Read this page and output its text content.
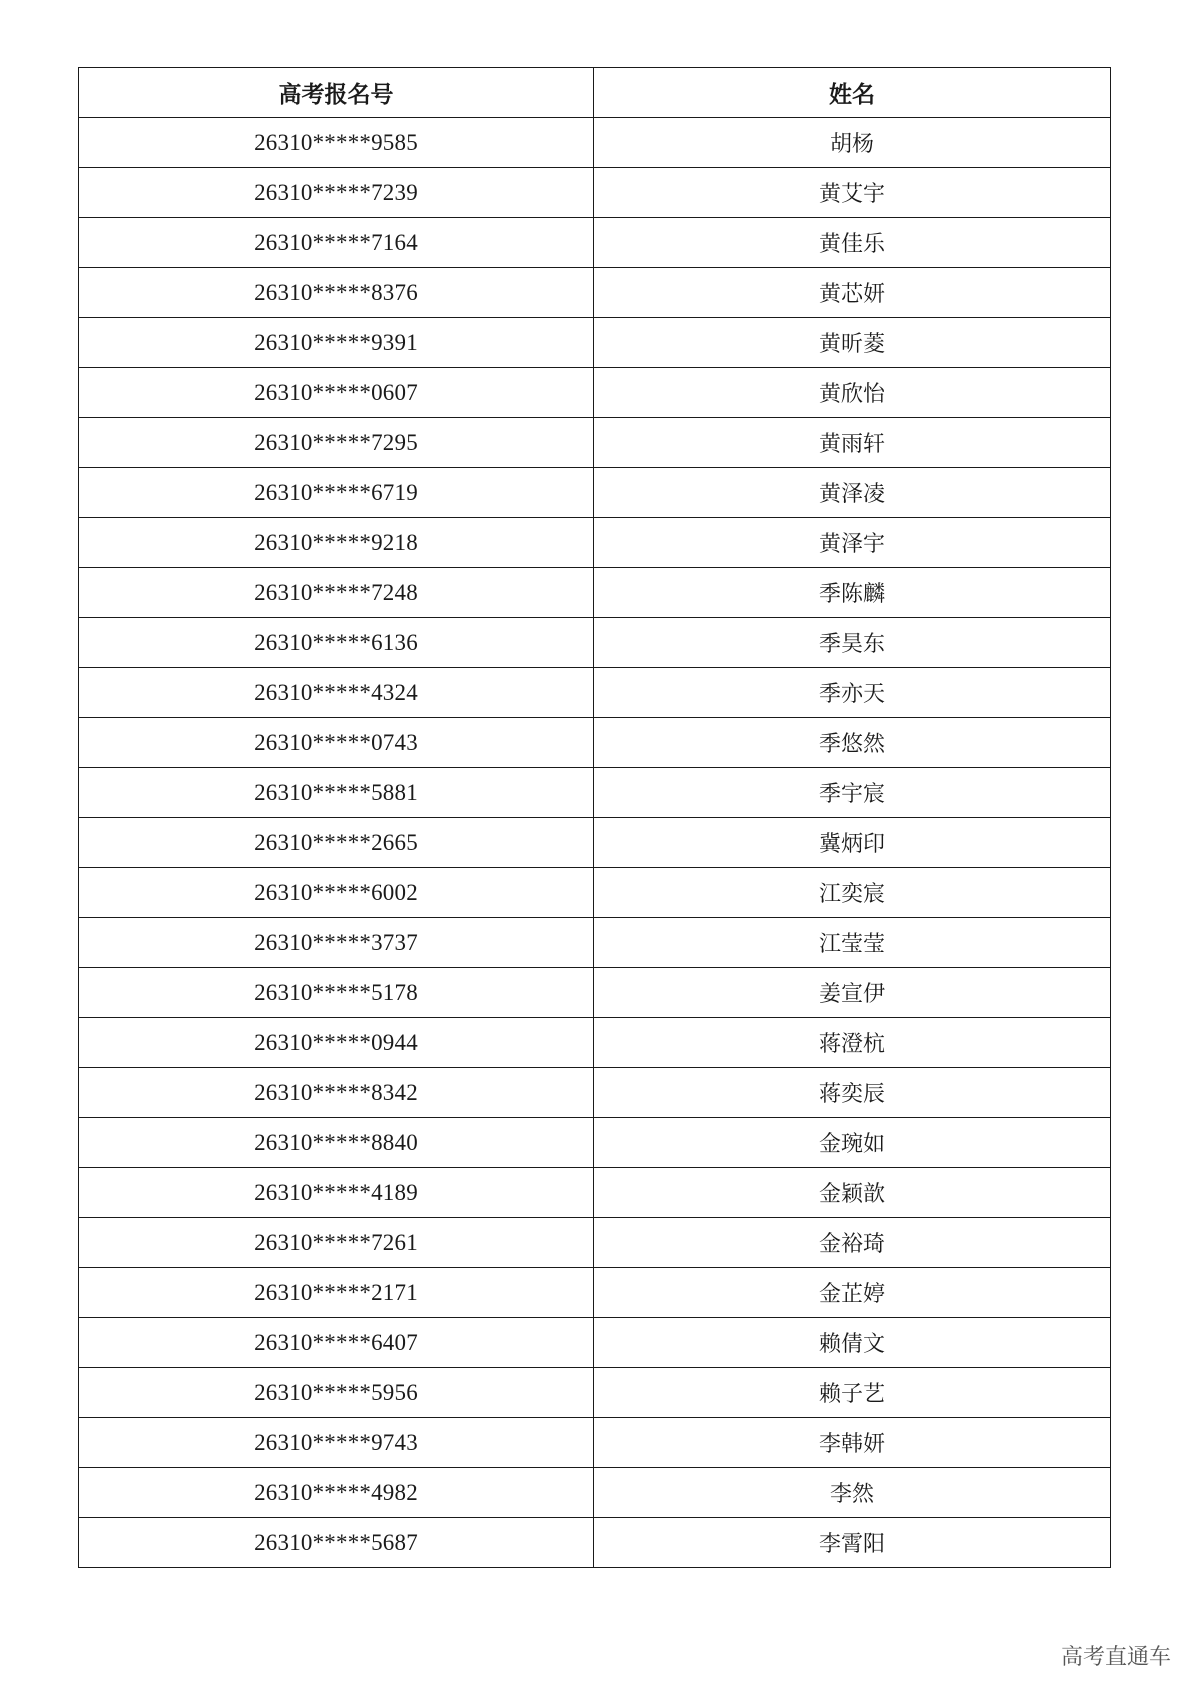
高考报名号	姓名
26310*****9585	胡杨
26310*****7239	黄艾宇
26310*****7164	黄佳乐
26310*****8376	黄芯妍
26310*****9391	黄昕菱
26310*****0607	黄欣怡
26310*****7295	黄雨轩
26310*****6719	黄泽凌
26310*****9218	黄泽宇
26310*****7248	季陈麟
26310*****6136	季昊东
26310*****4324	季亦天
26310*****0743	季悠然
26310*****5881	季宇宸
26310*****2665	冀炳印
26310*****6002	江奕宸
26310*****3737	江莹莹
26310*****5178	姜宣伊
26310*****0944	蒋澄杭
26310*****8342	蒋奕辰
26310*****8840	金琬如
26310*****4189	金颖歆
26310*****7261	金裕琦
26310*****2171	金芷婷
26310*****6407	赖倩文
26310*****5956	赖子艺
26310*****9743	李韩妍
26310*****4982	李然
26310*****5687	李霄阳
高考直通车
